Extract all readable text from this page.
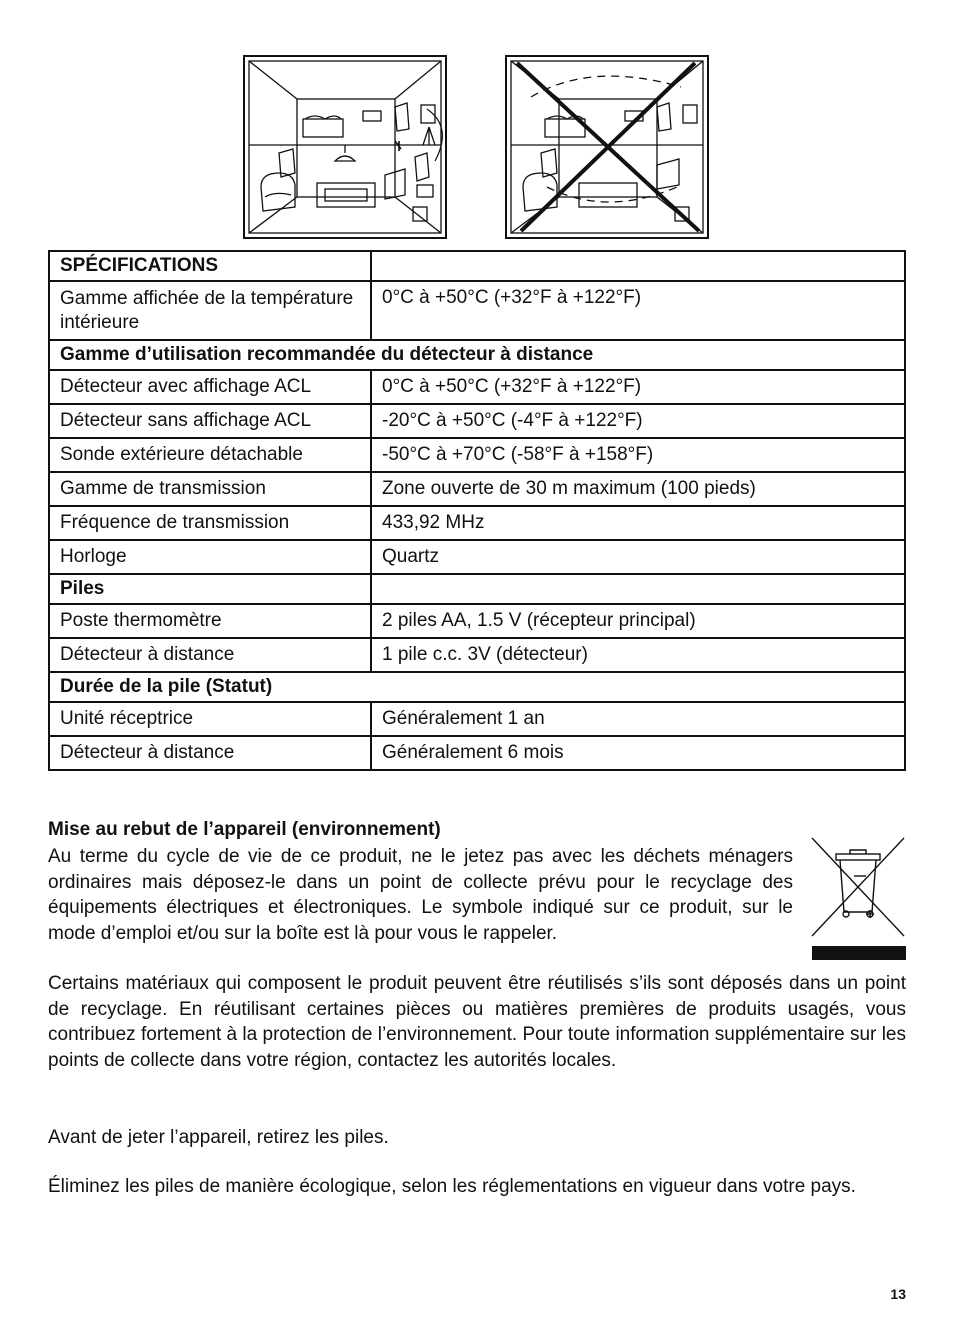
SPÉCIFICATIONS	
Gamme affichée de la température intérieure	0°C à +50°C (+32°F à +122°F)
Gamme d’utilisation recommandée du détecteur à distance	
Détecteur avec affichage ACL	0°C à +50°C (+32°F à +122°F)
Détecteur sans affichage ACL	-20°C à +50°C (-4°F à +122°F)
Sonde extérieure détachable	-50°C à +70°C (-58°F à +158°F)
Gamme de transmission	Zone ouverte de 30 m maximum (100 pieds)
Fréquence de transmission	433,92 MHz
Horloge	Quartz
Piles	
Poste thermomètre	2 piles AA, 1.5 V (récepteur principal)
Détecteur à distance	1 pile c.c. 3V (détecteur)
Durée de la pile (Statut)	
Unité réceptrice	Généralement 1 an
Détecteur à distance	Généralement 6 mois
Mise au rebut de l’appareil (environnement)
Au terme du cycle de vie de ce produit, ne le jetez pas avec les déchets ménagers ordinaires mais déposez-le dans un point de collecte prévu pour le recyclage des équipements électriques et électroniques. Le symbole indiqué sur ce produit, sur le mode d’emploi et/ou sur la boîte est là pour vous le rappeler.
Certains matériaux qui composent le produit peuvent être réutilisés s’ils sont déposés dans un point de recyclage. En réutilisant certaines pièces ou matières premières de produits usagés, vous contribuez fortement à la protection de l’environnement. Pour toute information supplémentaire sur les points de collecte dans votre région, contactez les autorités locales.
Avant de jeter l’appareil, retirez les piles.
Éliminez les piles de manière écologique, selon les réglementations en vigueur dans votre pays.
13
